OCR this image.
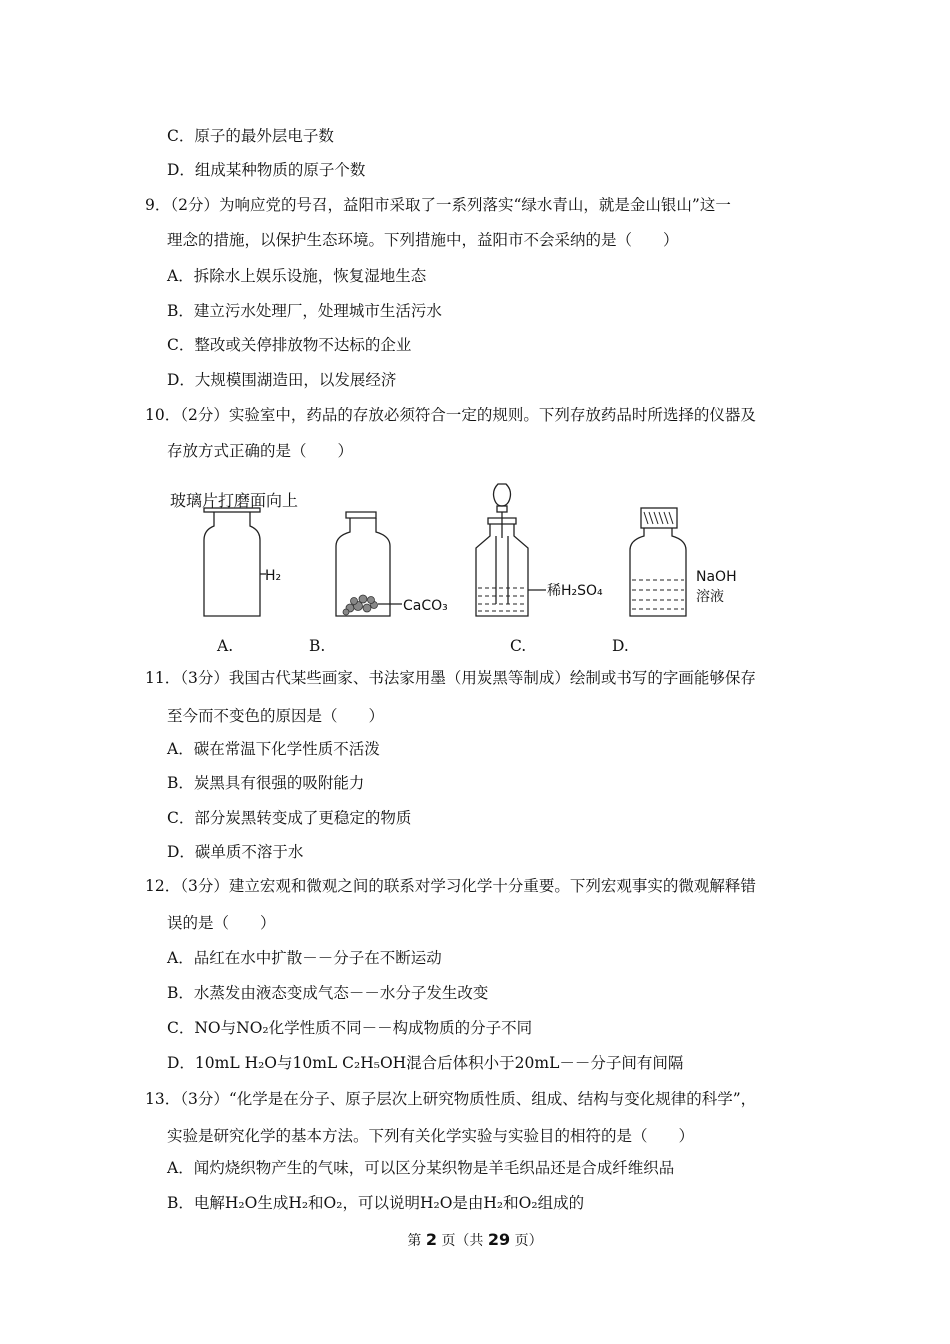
C．原子的最外层电子数
D．组成某种物质的原子个数
9．（2分）为响应党的号召，益阳市采取了一系列落实“绿水青山，就是金山银山”这一
理念的措施，以保护生态环境。下列措施中，益阳市不会采纳的是（　　）
A．拆除水上娱乐设施，恢复湿地生态
B．建立污水处理厂，处理城市生活污水
C．整改或关停排放物不达标的企业
D．大规模围湖造田，以发展经济
10．（2分）实验室中，药品的存放必须符合一定的规则。下列存放药品时所选择的仪器及
存放方式正确的是（　　）
玻璃片打磨面向上
H₂
CaCO₃
稀H₂SO₄
NaOH
溶液
A.	B.	C.	D.
11．（3分）我国古代某些画家、书法家用墨（用炭黑等制成）绘制或书写的字画能够保存
至今而不变色的原因是（　　）
A．碳在常温下化学性质不活泼
B．炭黑具有很强的吸附能力
C．部分炭黑转变成了更稳定的物质
D．碳单质不溶于水
12．（3分）建立宏观和微观之间的联系对学习化学十分重要。下列宏观事实的微观解释错
误的是（　　）
A．品红在水中扩散－－分子在不断运动
B．水蒸发由液态变成气态－－水分子发生改变
C．NO与NO₂化学性质不同－－构成物质的分子不同
D．10mL H₂O与10mL C₂H₅OH混合后体积小于20mL－－分子间有间隔
13．（3分）“化学是在分子、原子层次上研究物质性质、组成、结构与变化规律的科学”，
实验是研究化学的基本方法。下列有关化学实验与实验目的相符的是（　　）
A．闻灼烧织物产生的气味，可以区分某织物是羊毛织品还是合成纤维织品
B．电解H₂O生成H₂和O₂，可以说明H₂O是由H₂和O₂组成的
第 2 页（共 29 页）
